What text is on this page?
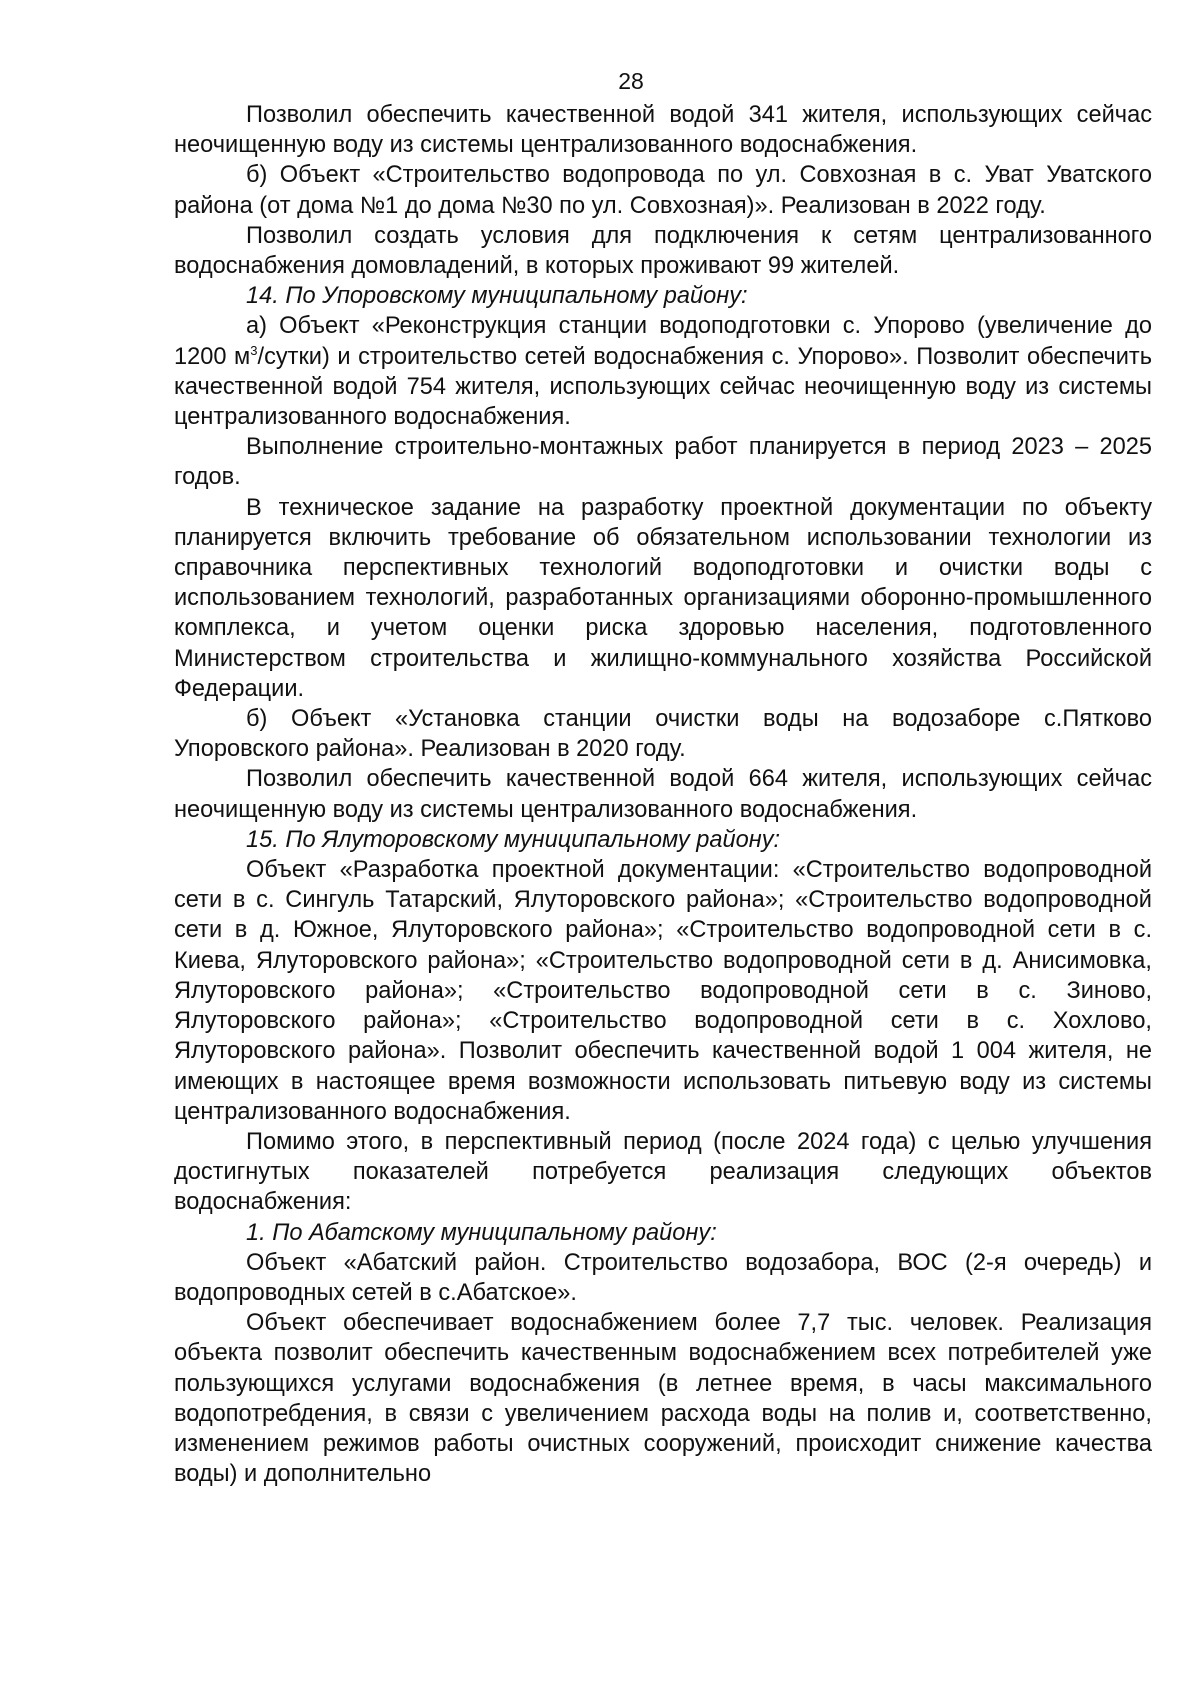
28

Позволил обеспечить качественной водой 341 жителя, использующих сейчас неочищенную воду из системы централизованного водоснабжения.

б) Объект «Строительство водопровода по ул. Совхозная в с. Уват Уватского района (от дома №1 до дома №30 по ул. Совхозная)». Реализован в 2022 году.

Позволил создать условия для подключения к сетям централизованного водоснабжения домовладений, в которых проживают 99 жителей.

14. По Упоровскому муниципальному району:

а) Объект «Реконструкция станции водоподготовки с. Упорово (увеличение до 1200 $м^3/сутки$) и строительство сетей водоснабжения с. Упорово». Позволит обеспечить качественной водой 754 жителя, использующих сейчас неочищенную воду из системы централизованного водоснабжения.

Выполнение строительно-монтажных работ планируется в период 2023 – 2025 годов.

В техническое задание на разработку проектной документации по объекту планируется включить требование об обязательном использовании технологии из справочника перспективных технологий водоподготовки и очистки воды с использованием технологий, разработанных организациями оборонно-промышленного комплекса, и учетом оценки риска здоровью населения, подготовленного Министерством строительства и жилищно-коммунального хозяйства Российской Федерации.

б) Объект «Установка станции очистки воды на водозаборе с.Пятково Упоровского района». Реализован в 2020 году.

Позволил обеспечить качественной водой 664 жителя, использующих сейчас неочищенную воду из системы централизованного водоснабжения.

15. По Ялуторовскому муниципальному району:

Объект «Разработка проектной документации: «Строительство водопроводной сети в с. Сингуль Татарский, Ялуторовского района»; «Строительство водопроводной сети в д. Южное, Ялуторовского района»; «Строительство водопроводной сети в с. Киева, Ялуторовского района»; «Строительство водопроводной сети в д. Анисимовка, Ялуторовского района»; «Строительство водопроводной сети в с. Зиново, Ялуторовского района»; «Строительство водопроводной сети в с. Хохлово, Ялуторовского района». Позволит обеспечить качественной водой 1 004 жителя, не имеющих в настоящее время возможности использовать питьевую воду из системы централизованного водоснабжения.

Помимо этого, в перспективный период (после 2024 года) с целью улучшения достигнутых показателей потребуется реализация следующих объектов водоснабжения:

1. По Абатскому муниципальному району:

Объект «Абатский район. Строительство водозабора, ВОС (2-я очередь) и водопроводных сетей в с.Абатское».

Объект обеспечивает водоснабжением более 7,7 тыс. человек. Реализация объекта позволит обеспечить качественным водоснабжением всех потребителей уже пользующихся услугами водоснабжения (в летнее время, в часы максимального водопотребдения, в связи с увеличением расхода воды на полив и, соответственно, изменением режимов работы очистных сооружений, происходит снижение качества воды) и дополнительно
